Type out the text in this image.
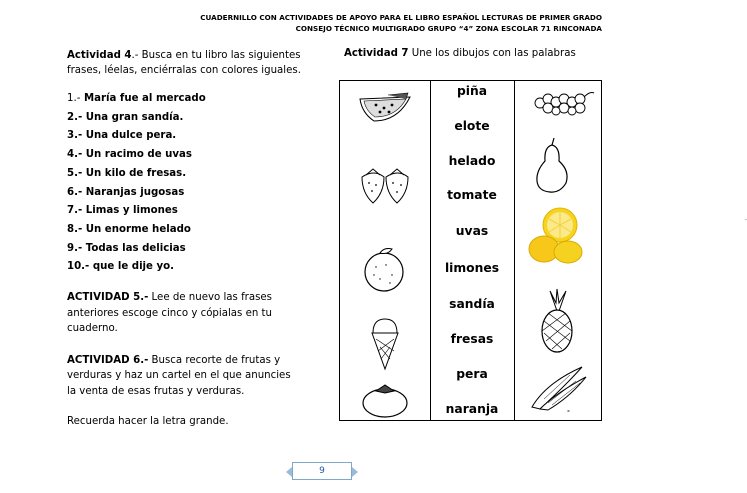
CUADERNILLO CON ACTIVIDADES DE APOYO PARA EL LIBRO ESPAÑOL LECTURAS DE PRIMER GRADO
CONSEJO TÉCNICO MULTIGRADO GRUPO “4” ZONA ESCOLAR 71 RINCONADA

Actividad 4.- Busca en tu libro las siguientes

frases, léelas, enciérralas con colores iguales.

1.- María fue al mercado
2.- Una gran sandía.
3.- Una dulce pera.
4.- Un racimo de uvas
5.- Un kilo de fresas.
6.- Naranjas jugosas
7.- Limas y limones
8.- Un enorme helado
9.- Todas las delicias
10.- que le dije yo.
ACTIVIDAD 5.- Lee de nuevo las frases
anteriores escoge cinco y cópialas en tu
cuaderno.
ACTIVIDAD 6.- Busca recorte de frutas y
verduras y haz un cartel en el que anuncies
la venta de esas frutas y verduras.
Recuerda hacer la letra grande.
Actividad 7 Une los dibujos con las palabras
piña
elote
helado
tomate
uvas
limones
sandía
fresas
pera
naranja
.
▪
9
